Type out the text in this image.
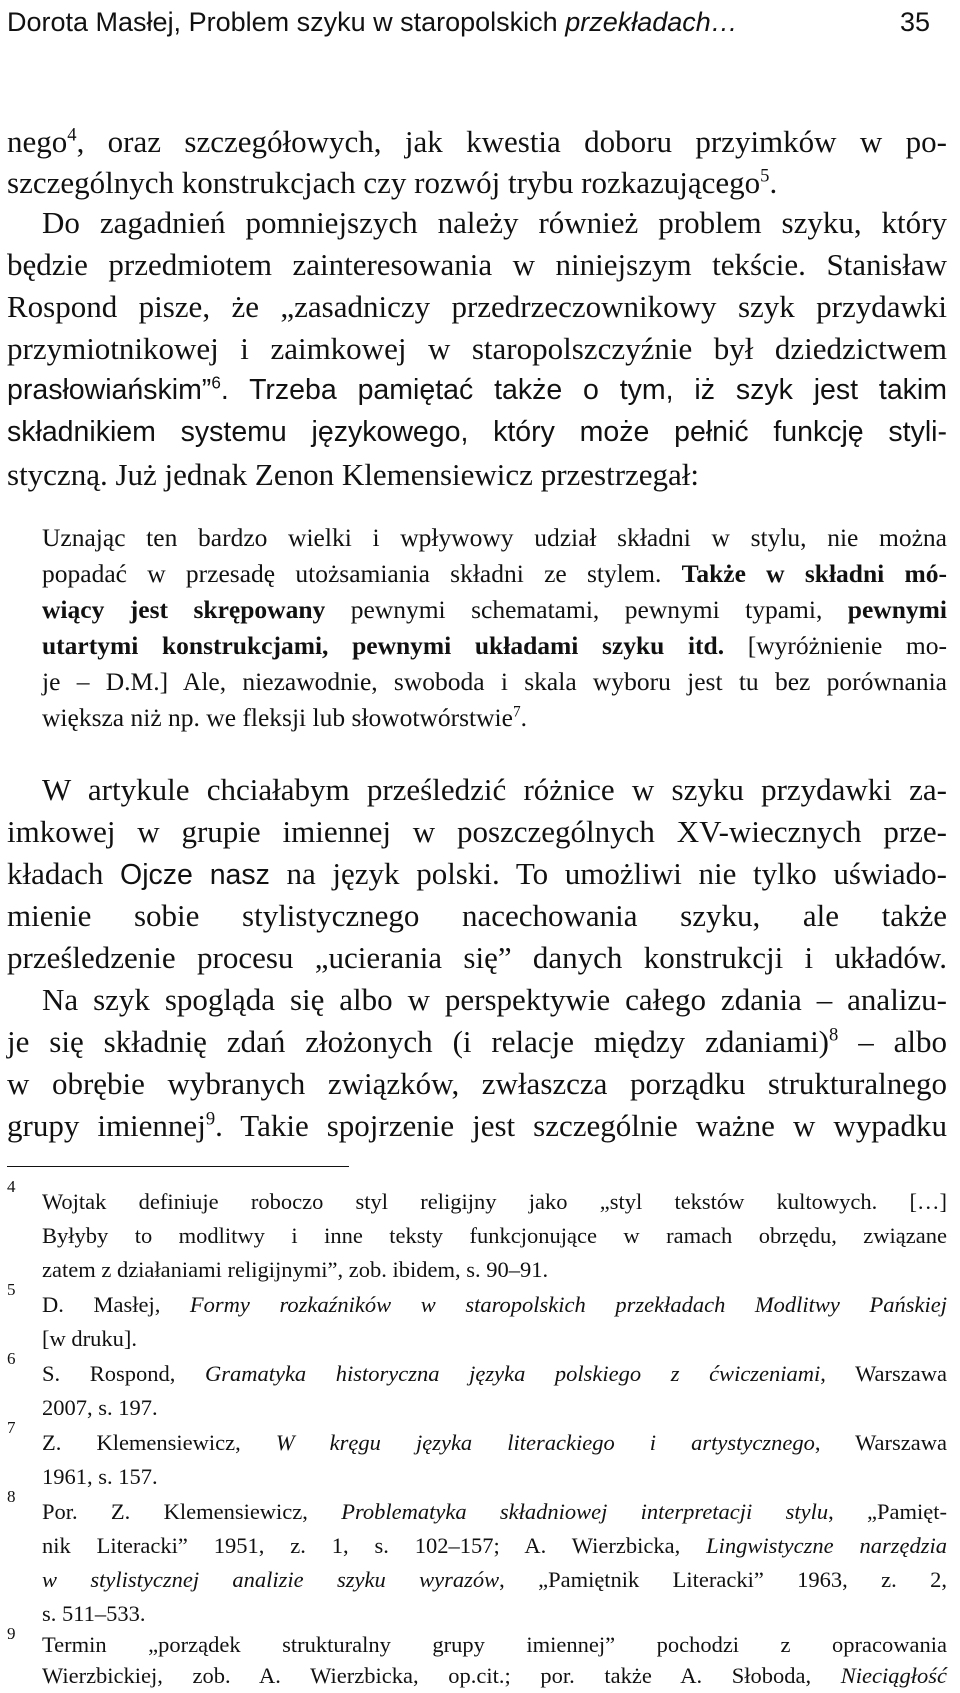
Dorota Masłej, Problem szyku w staropolskich przekładach…	35
nego$^4$, oraz szczegółowych, jak kwestia doboru przyimków w po-
szczególnych konstrukcjach czy rozwój trybu rozkazującego$^5$.
Do zagadnień pomniejszych należy również problem szyku, który
będzie przedmiotem zainteresowania w niniejszym tekście. Stanisław
Rospond pisze, że „zasadniczy przedrzeczownikowy szyk przydawki
przymiotnikowej i zaimkowej w staropolszczyźnie był dziedzictwem
prasłowiańskim”$^6$. Trzeba pamiętać także o tym, iż szyk jest takim
składnikiem systemu językowego, który może pełnić funkcję styli-
styczną. Już jednak Zenon Klemensiewicz przestrzegał:
Uznając ten bardzo wielki i wpływowy udział składni w stylu, nie można
popadać w przesadę utożsamiania składni ze stylem. Także w składni mó-
wiący jest skrępowany pewnymi schematami, pewnymi typami, pewnymi
utartymi konstrukcjami, pewnymi układami szyku itd. [wyróżnienie mo-
je – D.M.] Ale, niezawodnie, swoboda i skala wyboru jest tu bez porównania
większa niż np. we fleksji lub słowotwórstwie$^7$.
W artykule chciałabym prześledzić różnice w szyku przydawki za-
imkowej w grupie imiennej w poszczególnych XV-wiecznych prze-
kładach Ojcze nasz na język polski. To umożliwi nie tylko uświado-
mienie sobie stylistycznego nacechowania szyku, ale także
prześledzenie procesu „ucierania się” danych konstrukcji i układów.
Na szyk spogląda się albo w perspektywie całego zdania – analizu-
je się składnię zdań złożonych (i relacje między zdaniami)$^8$ – albo
w obrębie wybranych związków, zwłaszcza porządku strukturalnego
grupy imiennej$^9$. Takie spojrzenie jest szczególnie ważne w wypadku
4
Wojtak definiuje roboczo styl religijny jako „styl tekstów kultowych. […]
Byłyby to modlitwy i inne teksty funkcjonujące w ramach obrzędu, związane
zatem z działaniami religijnymi”, zob. ibidem, s. 90–91.
5
D. Masłej, Formy rozkaźników w staropolskich przekładach Modlitwy Pańskiej
[w druku].
6
S. Rospond, Gramatyka historyczna języka polskiego z ćwiczeniami, Warszawa
2007, s. 197.
7
Z. Klemensiewicz, W kręgu języka literackiego i artystycznego, Warszawa
1961, s. 157.
8
Por. Z. Klemensiewicz, Problematyka składniowej interpretacji stylu, „Pamięt-
nik Literacki” 1951, z. 1, s. 102–157; A. Wierzbicka, Lingwistyczne narzędzia
w stylistycznej analizie szyku wyrazów, „Pamiętnik Literacki” 1963, z. 2,
s. 511–533.
9 Termin „porządek strukturalny grupy imiennej” pochodzi z opracowania
Wierzbickiej, zob. A. Wierzbicka, op.cit.; por. także A. Słoboda, Nieciągłość
